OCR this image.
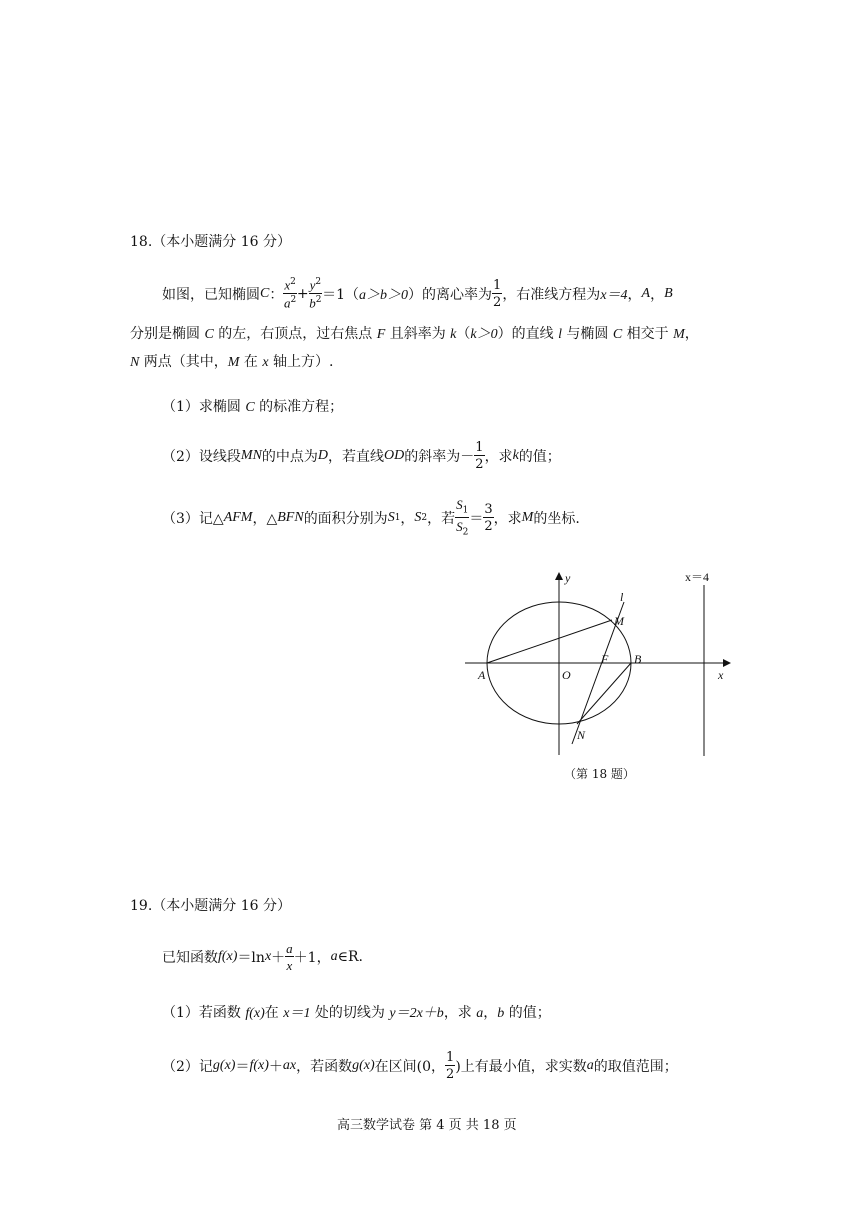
18.（本小题满分 16 分）
如图，已知椭圆 C ： $\frac{x^2}{a^2} + \frac{y^2}{b^2} =1$（ a＞b＞0 ）的离心率为 $\frac{1}{2}$ ，右准线方程为 x＝4 ， A ， B
分别是椭圆 C 的左，右顶点，过右焦点 F 且斜率为 k（k＞0）的直线 l 与椭圆 C 相交于 M，
N 两点（其中，M 在 x 轴上方）.
（1）求椭圆 C 的标准方程；
（2）设线段 MN 的中点为 D ，若直线 OD 的斜率为－ $\frac{1}{2}$ ，求 k 的值；
（3）记△ AFM ，△ BFN 的面积分别为 S 1 ， S 2 ，若 $\frac{S_1}{S_2} = \frac{3}{2}$ ，求 M 的坐标.
y	x＝4
l
M
F B
A	O	x
N
（第 18 题）
19.（本小题满分 16 分）
已知函数 f (x) ＝ln $x + \frac{a}{x} +1$， a ∈R.
（1）若函数 f(x)在 x＝1 处的切线为 y＝2x＋b，求 a，b 的值；
（2）记 g(x) ＝ f(x) ＋ ax ，若函数 g(x) 在区间(0， $\frac{1}{2}$ )上有最小值，求实数 a 的取值范围；
高三数学试卷 第 4 页 共 18 页
